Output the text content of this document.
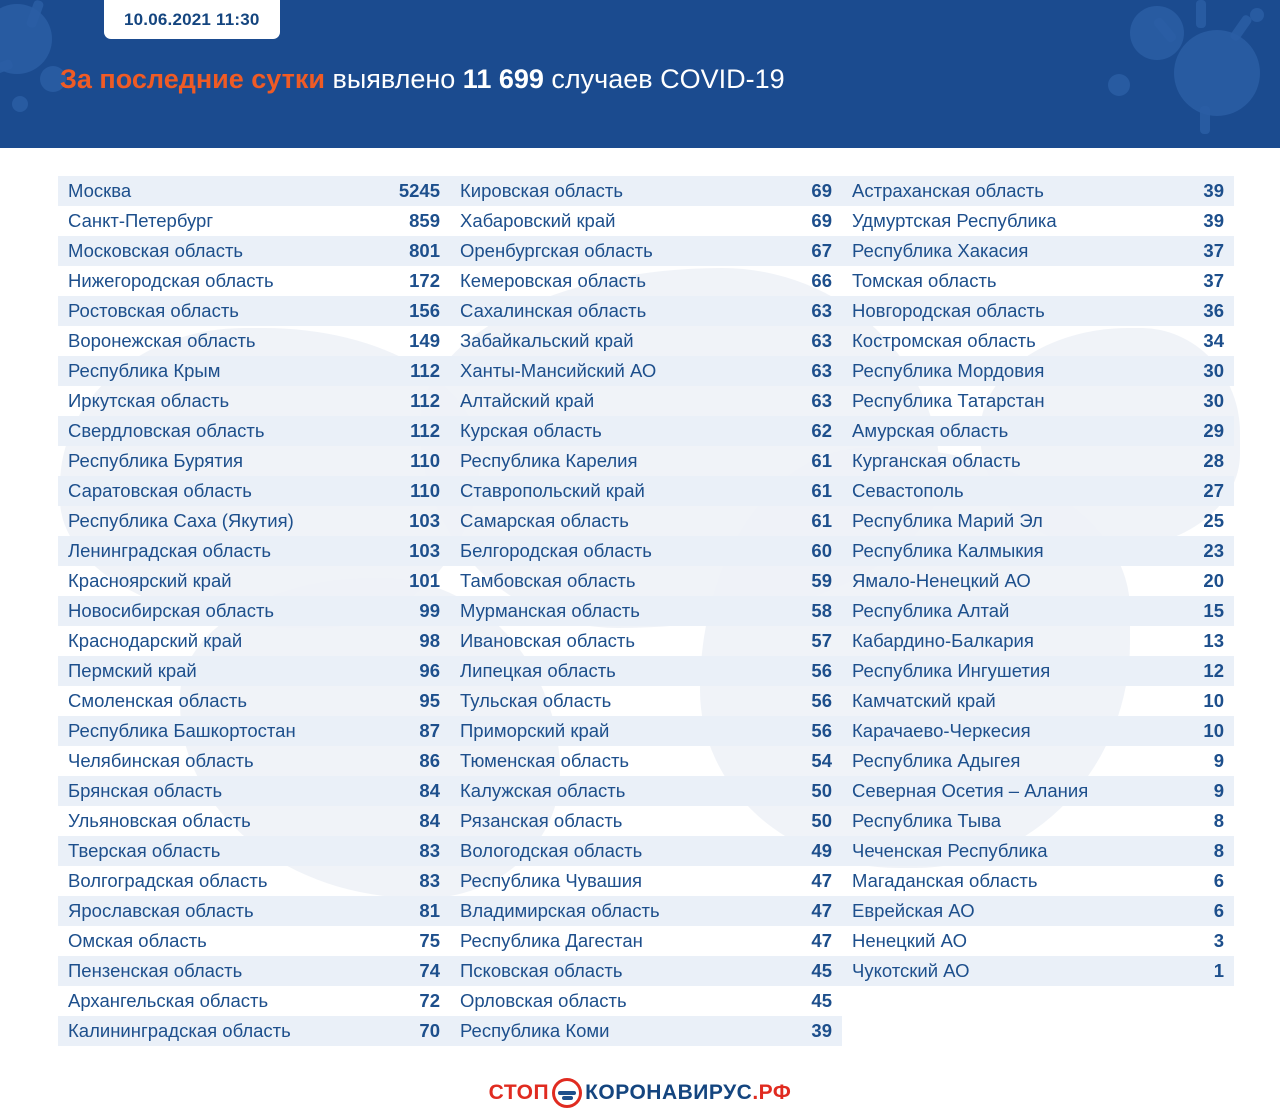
10.06.2021 11:30
За последние сутки выявлено 11 699 случаев COVID-19
Москва	5245
Санкт-Петербург	859
Московская область	801
Нижегородская область	172
Ростовская область	156
Воронежская область	149
Республика Крым	112
Иркутская область	112
Свердловская область	112
Республика Бурятия	110
Саратовская область	110
Республика Саха (Якутия)	103
Ленинградская область	103
Красноярский край	101
Новосибирская область	99
Краснодарский край	98
Пермский край	96
Смоленская область	95
Республика Башкортостан	87
Челябинская область	86
Брянская область	84
Ульяновская область	84
Тверская область	83
Волгоградская область	83
Ярославская область	81
Омская область	75
Пензенская область	74
Архангельская область	72
Калининградская область	70
Кировская область	69
Хабаровский край	69
Оренбургская область	67
Кемеровская область	66
Сахалинская область	63
Забайкальский край	63
Ханты-Мансийский АО	63
Алтайский край	63
Курская область	62
Республика Карелия	61
Ставропольский край	61
Самарская область	61
Белгородская область	60
Тамбовская область	59
Мурманская область	58
Ивановская область	57
Липецкая область	56
Тульская область	56
Приморский край	56
Тюменская область	54
Калужская область	50
Рязанская область	50
Вологодская область	49
Республика Чувашия	47
Владимирская область	47
Республика Дагестан	47
Псковская область	45
Орловская область	45
Республика Коми	39
Астраханская область	39
Удмуртская Республика	39
Республика Хакасия	37
Томская область	37
Новгородская область	36
Костромская область	34
Республика Мордовия	30
Республика Татарстан	30
Амурская область	29
Курганская область	28
Севастополь	27
Республика Марий Эл	25
Республика Калмыкия	23
Ямало-Ненецкий АО	20
Республика Алтай	15
Кабардино-Балкария	13
Республика Ингушетия	12
Камчатский край	10
Карачаево-Черкесия	10
Республика Адыгея	9
Северная Осетия – Алания	9
Республика Тыва	8
Чеченская Республика	8
Магаданская область	6
Еврейская АО	6
Ненецкий АО	3
Чукотский АО	1
СТОП КОРОНАВИРУС .РФ
